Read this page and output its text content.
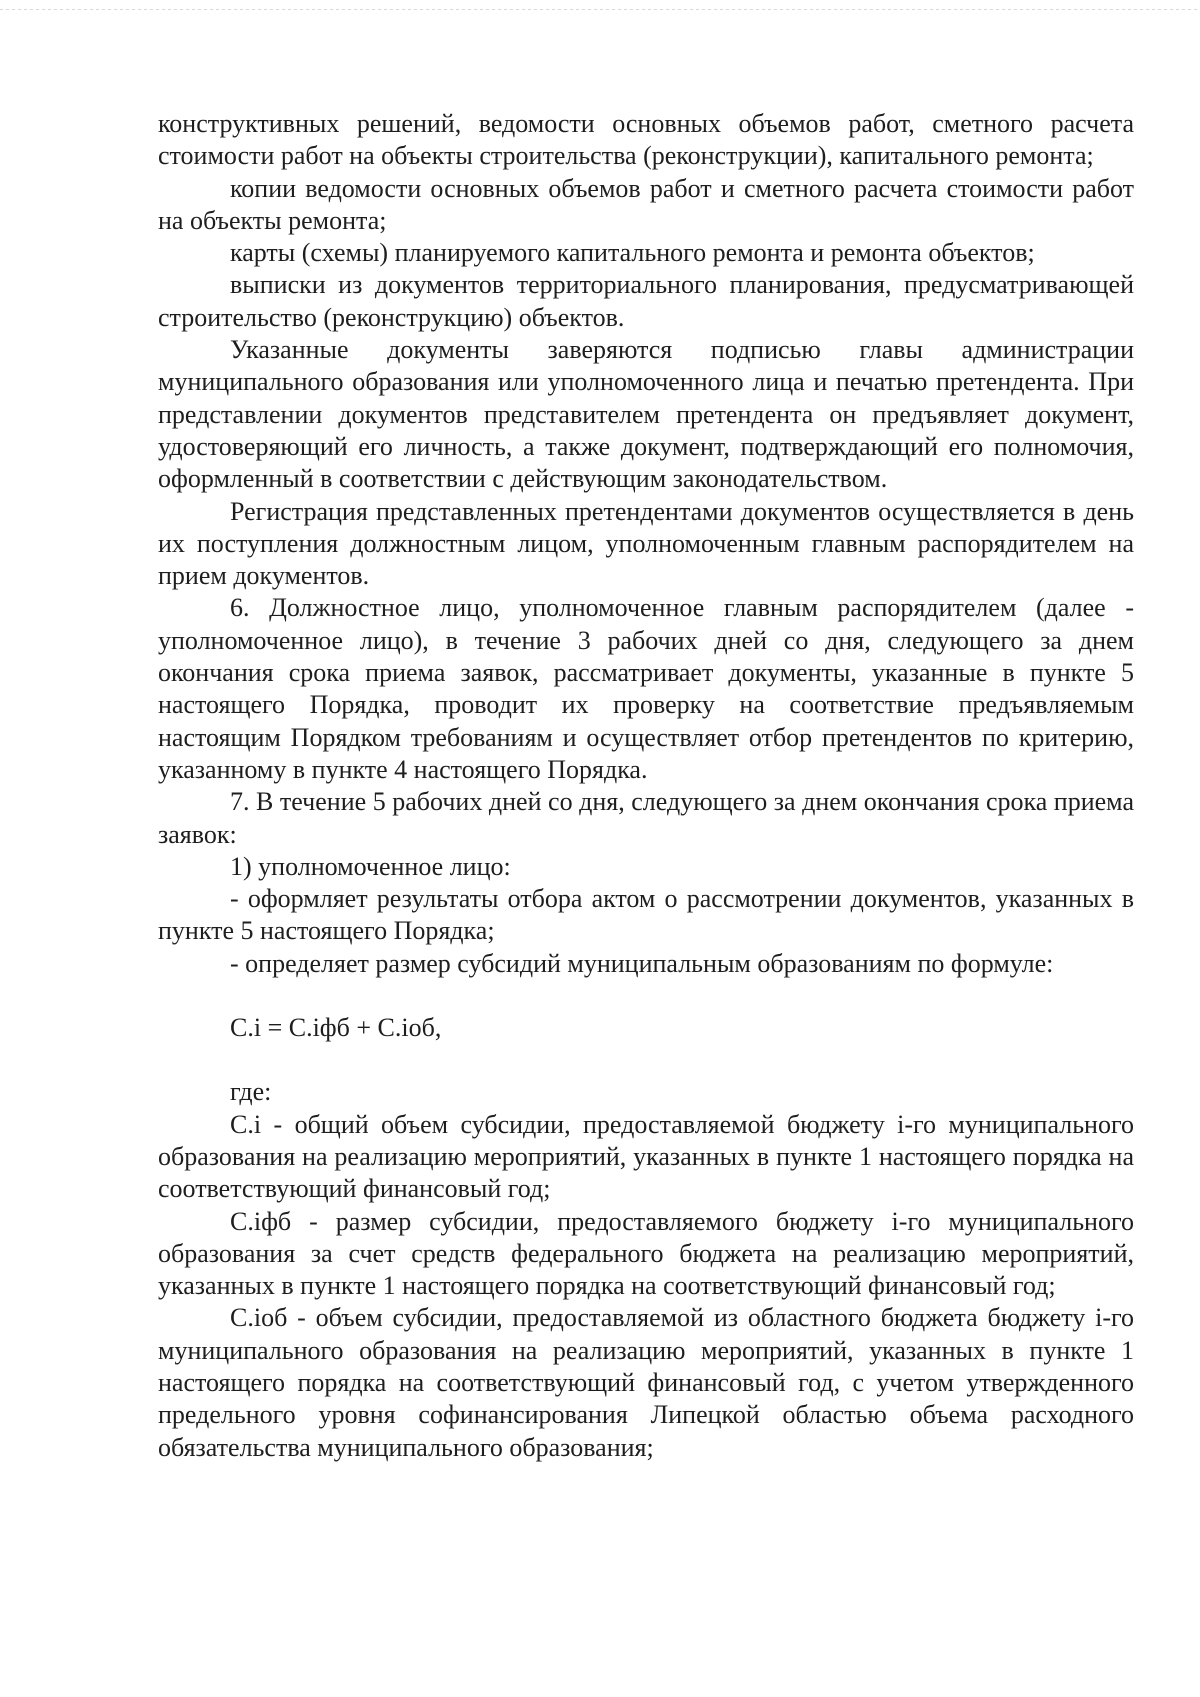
конструктивных решений, ведомости основных объемов работ, сметного расчета стоимости работ на объекты строительства (реконструкции), капитального ремонта;

копии ведомости основных объемов работ и сметного расчета стоимости работ на объекты ремонта;

карты (схемы) планируемого капитального ремонта и ремонта объектов;

выписки из документов территориального планирования, предусматривающей строительство (реконструкцию) объектов.

Указанные документы заверяются подписью главы администрации муниципального образования или уполномоченного лица и печатью претендента. При представлении документов представителем претендента он предъявляет документ, удостоверяющий его личность, а также документ, подтверждающий его полномочия, оформленный в соответствии с действующим законодательством.

Регистрация представленных претендентами документов осуществляется в день их поступления должностным лицом, уполномоченным главным распорядителем на прием документов.

6. Должностное лицо, уполномоченное главным распорядителем (далее - уполномоченное лицо), в течение 3 рабочих дней со дня, следующего за днем окончания срока приема заявок, рассматривает документы, указанные в пункте 5 настоящего Порядка, проводит их проверку на соответствие предъявляемым настоящим Порядком требованиям и осуществляет отбор претендентов по критерию, указанному в пункте 4 настоящего Порядка.

7. В течение 5 рабочих дней со дня, следующего за днем окончания срока приема заявок:

1) уполномоченное лицо:

- оформляет результаты отбора актом о рассмотрении документов, указанных в пункте 5 настоящего Порядка;

- определяет размер субсидий муниципальным образованиям по формуле:

С.i = С.iфб + С.iоб,

где:

С.i - общий объем субсидии, предоставляемой бюджету i-го муниципального образования на реализацию мероприятий, указанных в пункте 1 настоящего порядка на соответствующий финансовый год;

С.iфб - размер субсидии, предоставляемого бюджету i-го муниципального образования за счет средств федерального бюджета на реализацию мероприятий, указанных в пункте 1 настоящего порядка на соответствующий финансовый год;

С.iоб - объем субсидии, предоставляемой из областного бюджета бюджету i-го муниципального образования на реализацию мероприятий, указанных в пункте 1 настоящего порядка на соответствующий финансовый год, с учетом утвержденного предельного уровня софинансирования Липецкой областью объема расходного обязательства муниципального образования;
